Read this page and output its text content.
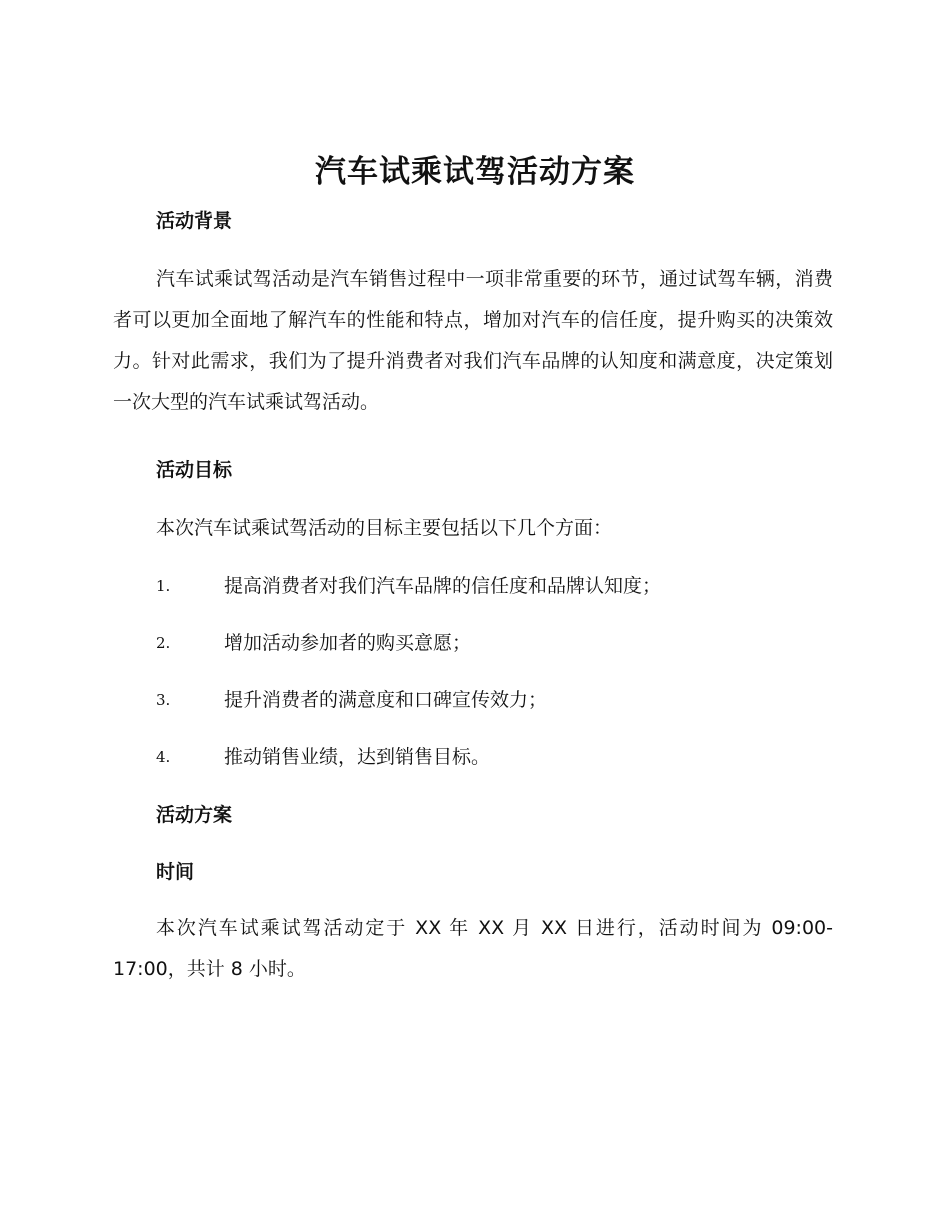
汽车试乘试驾活动方案
活动背景

汽车试乘试驾活动是汽车销售过程中一项非常重要的环节，通过试驾车辆，消费者可以更加全面地了解汽车的性能和特点，增加对汽车的信任度，提升购买的决策效力。针对此需求，我们为了提升消费者对我们汽车品牌的认知度和满意度，决定策划一次大型的汽车试乘试驾活动。

活动目标

本次汽车试乘试驾活动的目标主要包括以下几个方面：

1.	提高消费者对我们汽车品牌的信任度和品牌认知度；
2.	增加活动参加者的购买意愿；
3.	提升消费者的满意度和口碑宣传效力；
4.	推动销售业绩，达到销售目标。
活动方案
时间

本次汽车试乘试驾活动定于 XX 年 XX 月 XX 日进行，活动时间为 09:00-17:00，共计 8 小时。
